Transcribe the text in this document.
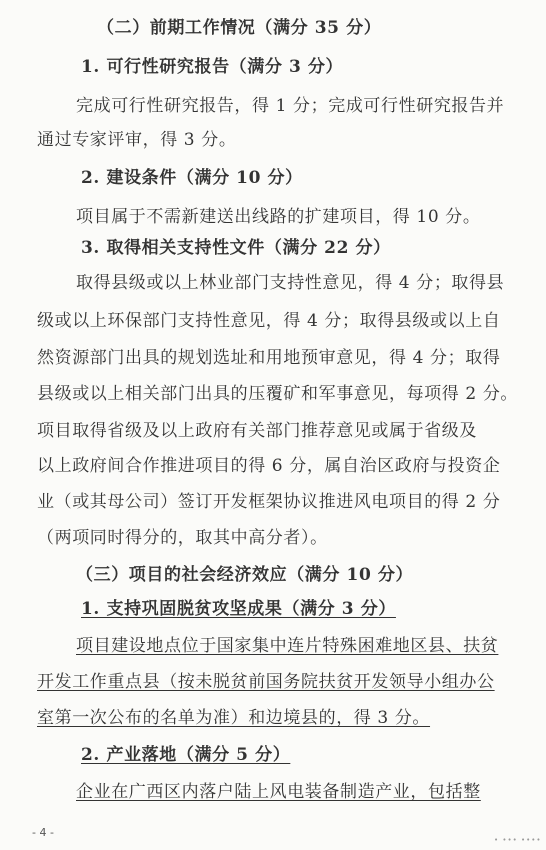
（二）前期工作情况（满分 35 分）
1. 可行性研究报告（满分 3 分）
完成可行性研究报告，得 1 分；完成可行性研究报告并
通过专家评审，得 3 分。
2. 建设条件（满分 10 分）
项目属于不需新建送出线路的扩建项目，得 10 分。
3. 取得相关支持性文件（满分 22 分）
取得县级或以上林业部门支持性意见，得 4 分；取得县
级或以上环保部门支持性意见，得 4 分；取得县级或以上自
然资源部门出具的规划选址和用地预审意见，得 4 分；取得
县级或以上相关部门出具的压覆矿和军事意见，每项得 2 分。
项目取得省级及以上政府有关部门推荐意见或属于省级及
以上政府间合作推进项目的得 6 分，属自治区政府与投资企
业（或其母公司）签订开发框架协议推进风电项目的得 2 分
（两项同时得分的，取其中高分者）。
（三）项目的社会经济效应（满分 10 分）
1. 支持巩固脱贫攻坚成果（满分 3 分）
项目建设地点位于国家集中连片特殊困难地区县、扶贫
开发工作重点县（按未脱贫前国务院扶贫开发领导小组办公
室第一次公布的名单为准）和边境县的，得 3 分。
2. 产业落地（满分 5 分）
企业在广西区内落户陆上风电装备制造产业，包括整
- 4 -
• ••• ••••
